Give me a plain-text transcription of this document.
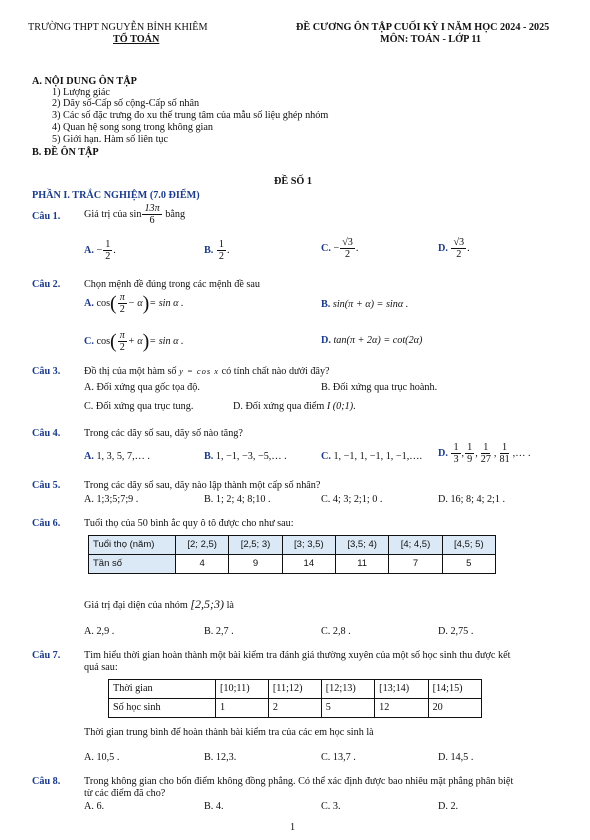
TRƯỜNG THPT NGUYỄN BỈNH KHIÊM
TỔ TOÁN
ĐỀ CƯƠNG ÔN TẬP CUỐI KỲ I NĂM HỌC 2024 - 2025
MÔN: TOÁN - LỚP 11
A. NỘI DUNG ÔN TẬP
1) Lượng giác
2) Dãy số-Cấp số cộng-Cấp số nhân
3) Các số đặc trưng đo xu thế trung tâm của mẫu số liệu ghép nhóm
4) Quan hệ song song trong không gian
5) Giới hạn. Hàm số liên tục
B. ĐỀ ÔN TẬP
ĐỀ SỐ 1
PHẦN I. TRẮC NGHIỆM (7.0 ĐIỂM)
Câu 1. Giá trị của $\sin \frac{13\pi}{6}$ bằng
A. − $\frac{1}{2}$ .	B. $\frac{1}{2}$ .	C. − $\frac{√3}{2}$ .	D. $\frac{√3}{2}$ .
Câu 2. Chọn mệnh đề đúng trong các mệnh đề sau
A. $\cos( \frac{\pi}{2} - \alpha)= \sin \alpha$ .	B. sin(π + α) = sinα .
C. $\cos( \frac{\pi}{2} + \alpha)= \sin \alpha$ .	D. tan(π + 2α) = cot(2α)
Câu 3. Đồ thị của một hàm số y = cos x có tính chất nào dưới đây?
A. Đối xứng qua gốc tọa độ.	B. Đối xứng qua trục hoành.
C. Đối xứng qua trục tung.	D. Đối xứng qua điểm I (0;1).
Câu 4. Trong các dãy số sau, dãy số nào tăng?
A. 1, 3, 5, 7,… .	B. 1, −1, −3, −5,… .	C. 1, −1, 1, −1, 1, −1,…. D. $\frac{1}{3}$ , $\frac{1}{9}$ , $\frac{1}{27}$ , $\frac{1}{81}$ ,… .
Câu 5. Trong các dãy số sau, dãy nào lập thành một cấp số nhân?
A. 1;3;5;7;9 .	B. 1; 2; 4; 8;10 .	C. 4; 3; 2;1; 0 .	D. 16; 8; 4; 2;1 .
Câu 6. Tuổi thọ của 50 bình ắc quy ô tô được cho như sau:
Tuổi thọ (năm)	[2; 2,5)	[2,5; 3)	[3; 3,5)	[3,5; 4)	[4; 4,5)	[4,5; 5)
Tần số	4	9	14	11	7	5
Giá trị đại diện của nhóm [2,5;3) là
A. 2,9 .	B. 2,7 .	C. 2,8 .	D. 2,75 .
Câu 7. Tìm hiểu thời gian hoàn thành một bài kiểm tra đánh giá thường xuyên của một số học sinh thu được kết
quả sau:
Thời gian	[10;11)	[11;12)	[12;13)	[13;14)	[14;15)
Số học sinh	1	2	5	12	20
Thời gian trung bình để hoàn thành bài kiểm tra của các em học sinh là
A. 10,5 .	B. 12,3.	C. 13,7 .	D. 14,5 .
Câu 8. Trong không gian cho bốn điểm không đồng phẳng. Có thể xác định được bao nhiêu mặt phẳng phân biệt
từ các điểm đã cho?
A. 6.	B. 4.	C. 3.	D. 2.
1
